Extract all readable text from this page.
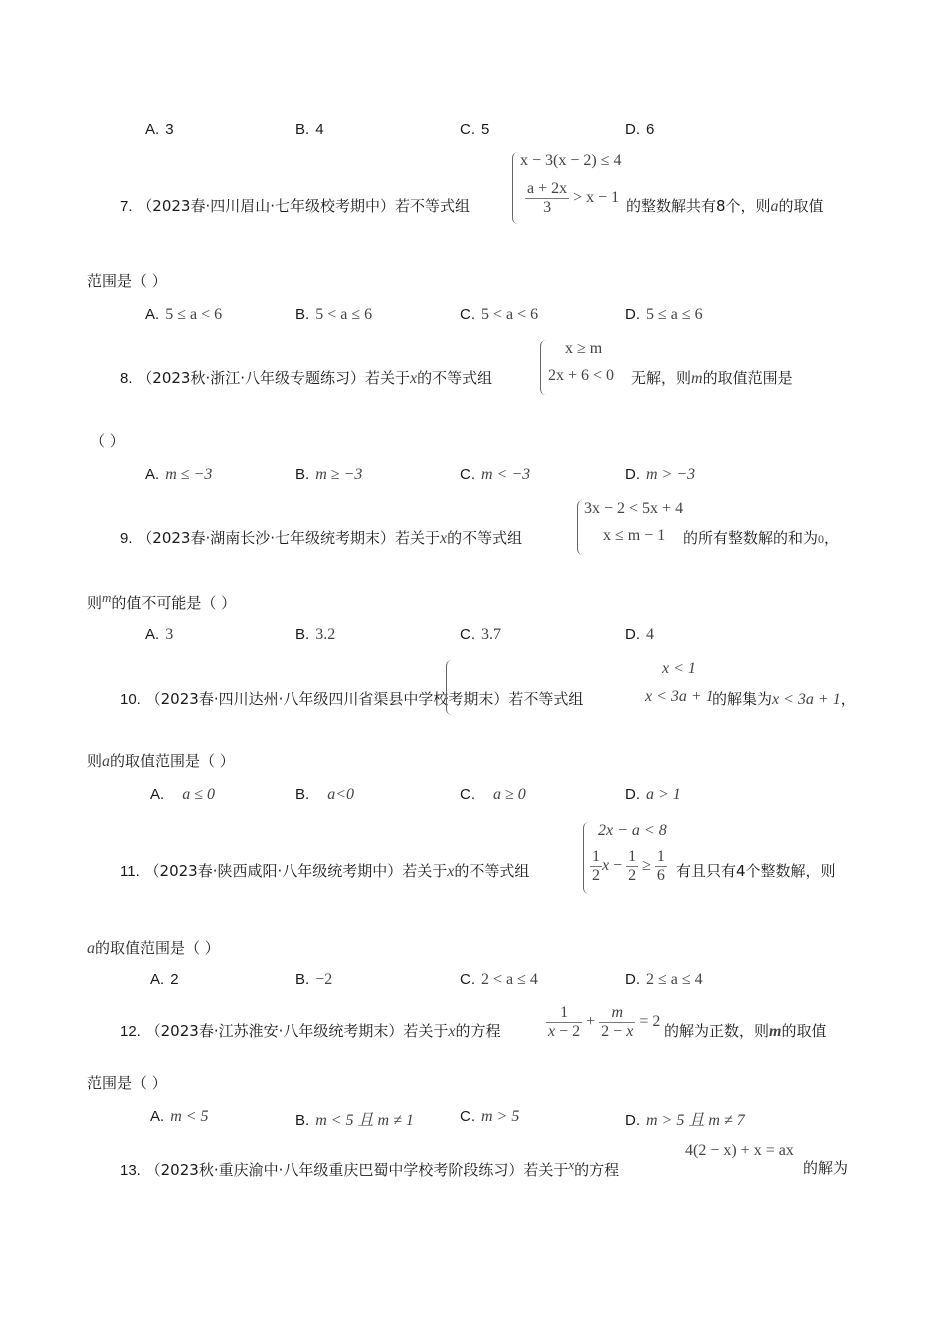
A. 3	B. 4	C. 5	D. 6
7. （2023春·四川眉山·七年级校考期中）若不等式组
x − 3(x − 2) ≤ 4
$\frac{a + 2x}{3} > x - 1$ 的整数解共有8个，则a的取值
范围是（ ）
A. 5 ≤ a < 6	B. 5 < a ≤ 6	C. 5 < a < 6	D. 5 ≤ a ≤ 6
8. （2023秋·浙江·八年级专题练习）若关于x的不等式组
x ≥ m
2x + 6 < 0 无解，则m的取值范围是
（ ）
A. m ≤ −3	B. m ≥ −3	C. m < −3	D. m > −3
9. （2023春·湖南长沙·七年级统考期末）若关于x的不等式组
3x − 2 < 5x + 4
x ≤ m − 1 的所有整数解的和为0，
则m的值不可能是（ ）
A. 3	B. 3.2	C. 3.7	D. 4
10. （2023春·四川达州·八年级四川省渠县中学校考期末）若不等式组
x < 1
x < 3a + 1
的解集为x < 3a + 1，
则a的取值范围是（ ）
A. a ≤ 0	B. a<0	C. a ≥ 0	D. a > 1
11. （2023春·陕西咸阳·八年级统考期中）若关于x的不等式组
2x − a < 8
$\frac{1}{2}$ $x - \frac{1}{2} \ge \frac{1}{6}$ 有且只有4个整数解，则
a的取值范围是（ ）
A. 2	B. −2	C. 2 < a ≤ 4	D. 2 ≤ a ≤ 4
12. （2023春·江苏淮安·八年级统考期末）若关于x的方程	$\frac{1}{x - 2} + \frac{m}{2 - x} = 2$
的解为正数，则m的取值
范围是（ ）
A. m < 5	B. m < 5 且 m ≠ 1	C. m > 5	D. m > 5 且 m ≠ 7
13. （2023秋·重庆渝中·八年级重庆巴蜀中学校考阶段练习）若关于x的方程
4(2 − x) + x = ax
的解为
